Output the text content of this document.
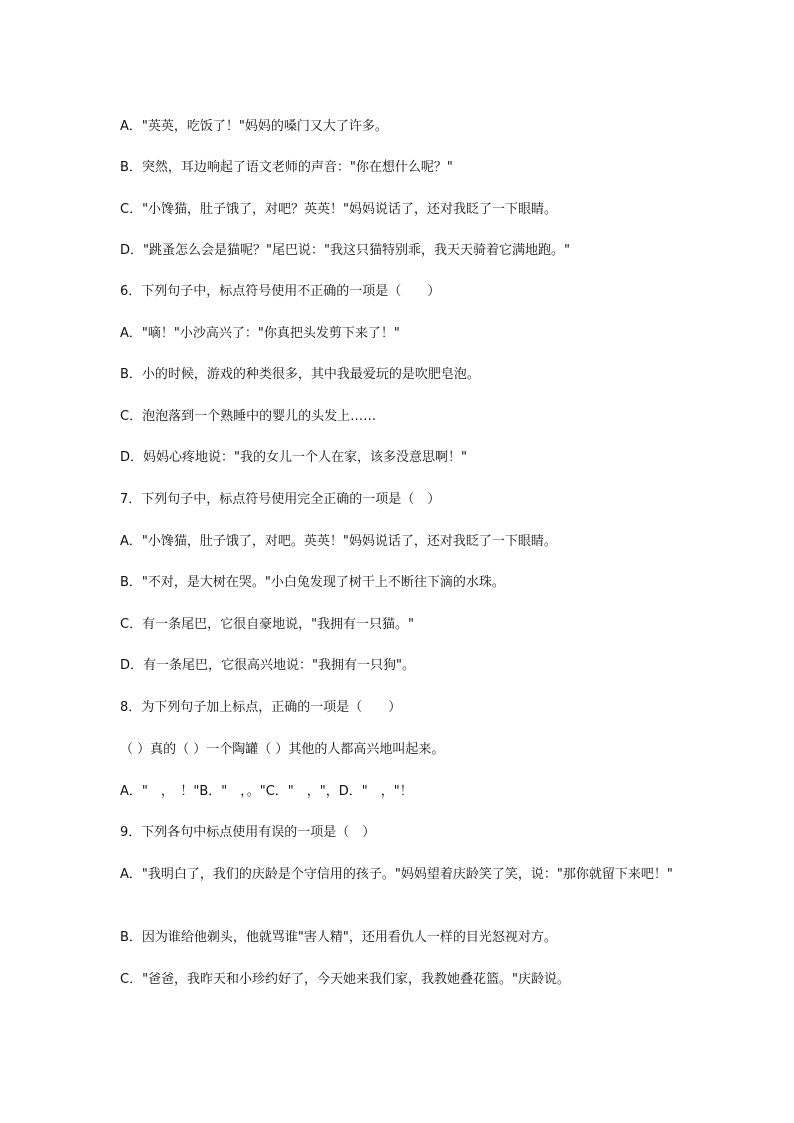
A．"英英，吃饭了！"妈妈的嗓门又大了许多。
B．突然，耳边响起了语文老师的声音："你在想什么呢？"
C．"小馋猫，肚子饿了，对吧？英英！"妈妈说话了，还对我眨了一下眼睛。
D．"跳蚤怎么会是猫呢？"尾巴说："我这只猫特别乖，我天天骑着它满地跑。"
6．下列句子中，标点符号使用不正确的一项是（　　）
A．"嘀！"小沙高兴了："你真把头发剪下来了！"
B．小的时候，游戏的种类很多，其中我最爱玩的是吹肥皂泡。
C．泡泡落到一个熟睡中的婴儿的头发上……
D．妈妈心疼地说："我的女儿一个人在家，该多没意思啊！"
7．下列句子中，标点符号使用完全正确的一项是（　）
A．"小馋猫，肚子饿了，对吧。英英！"妈妈说话了，还对我眨了一下眼睛。
B．"不对，是大树在哭。"小白兔发现了树干上不断往下滴的水珠。
C．有一条尾巴，它很自豪地说，"我拥有一只猫。"
D．有一条尾巴，它很高兴地说："我拥有一只狗"。
8．为下列句子加上标点，正确的一项是（　　）
（ ）真的（ ）一个陶罐（ ）其他的人都高兴地叫起来。
A．"　，　！"B．"　，。"C．"　，"，D．"　，"！
9．下列各句中标点使用有误的一项是（　）
A．"我明白了，我们的庆龄是个守信用的孩子。"妈妈望着庆龄笑了笑，说："那你就留下来吧！"
B．因为谁给他剃头，他就骂谁"害人精"，还用看仇人一样的目光怒视对方。
C．"爸爸，我昨天和小珍约好了，今天她来我们家，我教她叠花篮。"庆龄说。
